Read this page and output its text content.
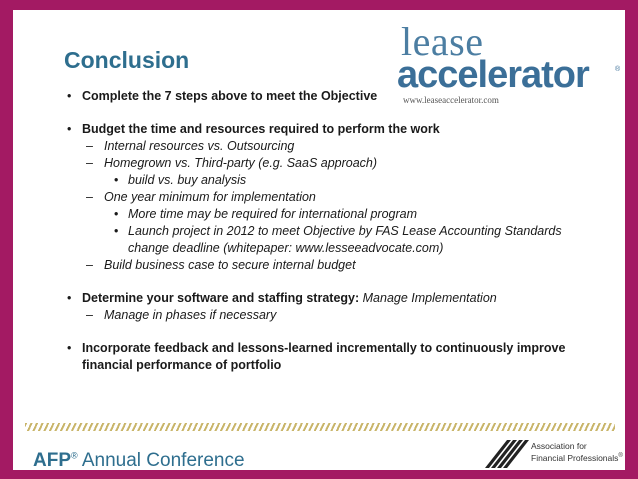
Conclusion	lease
accelerator	®
www.leaseaccelerator.com
• Complete the 7 steps above to meet the Objective
• Budget the time and resources required to perform the work
– Internal resources vs. Outsourcing
– Homegrown vs. Third-party (e.g. SaaS approach)
• build vs. buy analysis
– One year minimum for implementation
• More time may be required for international program
• Launch project in 2012 to meet Objective by FAS Lease Accounting Standards change deadline (whitepaper: www.lesseeadvocate.com)
– Build business case to secure internal budget
• Determine your software and staffing strategy: Manage Implementation
– Manage in phases if necessary
• Incorporate feedback and lessons-learned incrementally to continuously improve financial performance of portfolio
AFP® Annual Conference
Association for
Financial Professionals®
